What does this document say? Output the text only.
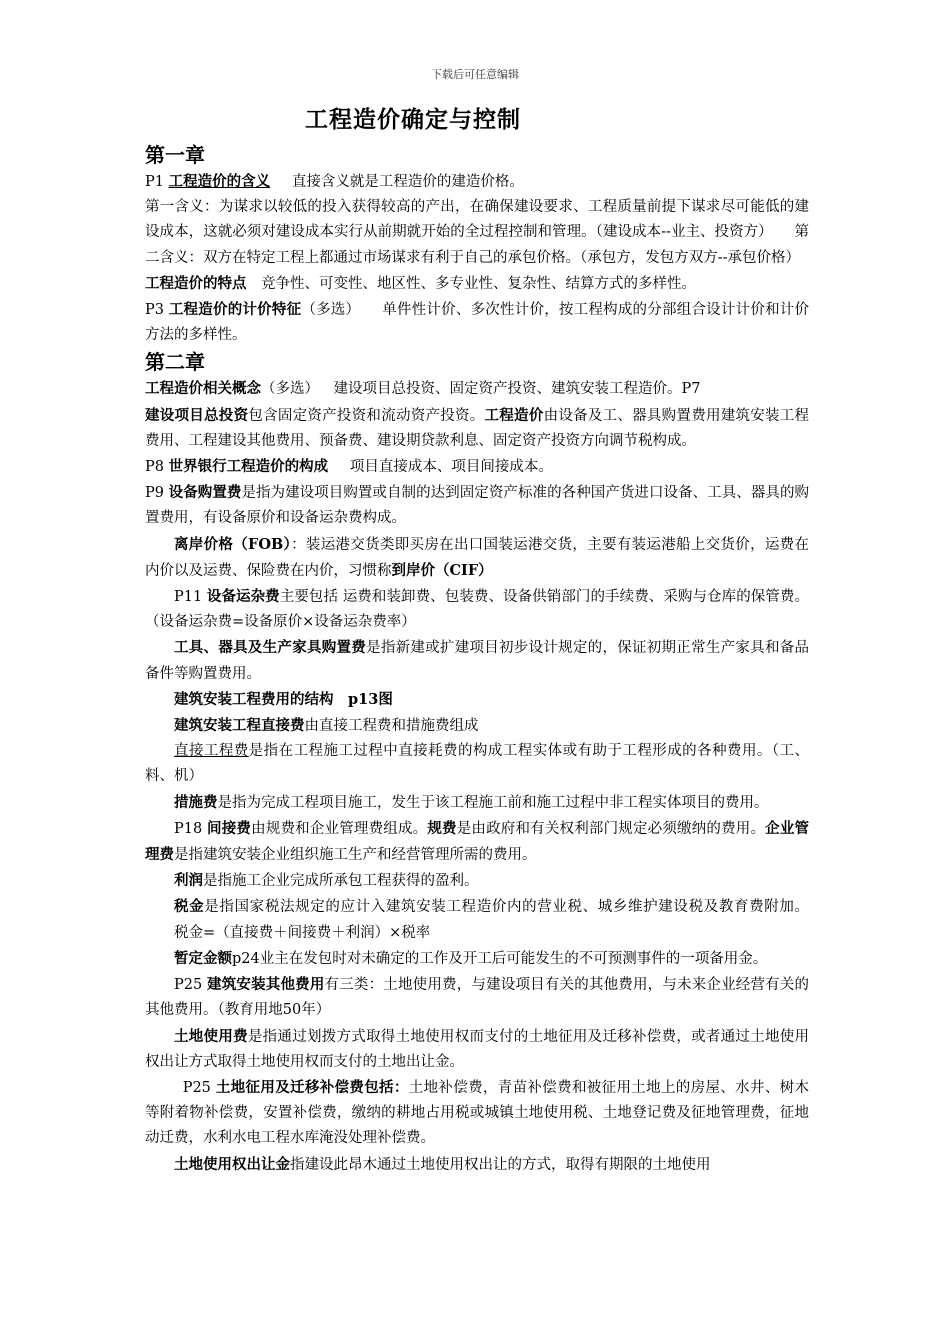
下载后可任意编辑
工程造价确定与控制
第一章

P1 工程造价的含义 直接含义就是工程造价的建造价格。

第一含义：为谋求以较低的投入获得较高的产出，在确保建设要求、工程质量前提下谋求尽可能低的建设成本，这就必须对建设成本实行从前期就开始的全过程控制和管理。（建设成本--业主、投资方） 第二含义：双方在特定工程上都通过市场谋求有利于自己的承包价格。（承包方，发包方双方--承包价格）

工程造价的特点 竞争性、可变性、地区性、多专业性、复杂性、结算方式的多样性。

P3 工程造价的计价特征（多选） 单件性计价、多次性计价，按工程构成的分部组合设计计价和计价方法的多样性。

第二章

工程造价相关概念（多选） 建设项目总投资、固定资产投资、建筑安装工程造价。P7

建设项目总投资包含固定资产投资和流动资产投资。工程造价由设备及工、器具购置费用建筑安装工程费用、工程建设其他费用、预备费、建设期贷款利息、固定资产投资方向调节税构成。

P8 世界银行工程造价的构成 项目直接成本、项目间接成本。

P9 设备购置费是指为建设项目购置或自制的达到固定资产标准的各种国产货进口设备、工具、器具的购置费用，有设备原价和设备运杂费构成。

离岸价格（FOB）：装运港交货类即买房在出口国装运港交货，主要有装运港船上交货价，运费在内价以及运费、保险费在内价，习惯称到岸价（CIF）

P11 设备运杂费主要包括 运费和装卸费、包装费、设备供销部门的手续费、采购与仓库的保管费。（设备运杂费=设备原价×设备运杂费率）

工具、器具及生产家具购置费是指新建或扩建项目初步设计规定的，保证初期正常生产家具和备品备件等购置费用。

建筑安装工程费用的结构　p13图

建筑安装工程直接费由直接工程费和措施费组成

直接工程费是指在工程施工过程中直接耗费的构成工程实体或有助于工程形成的各种费用。（工、料、机）

措施费是指为完成工程项目施工，发生于该工程施工前和施工过程中非工程实体项目的费用。

P18 间接费由规费和企业管理费组成。规费是由政府和有关权利部门规定必须缴纳的费用。企业管理费是指建筑安装企业组织施工生产和经营管理所需的费用。

利润是指施工企业完成所承包工程获得的盈利。

税金是指国家税法规定的应计入建筑安装工程造价内的营业税、城乡维护建设税及教育费附加。税金=（直接费＋间接费＋利润）×税率

暂定金额p24业主在发包时对未确定的工作及开工后可能发生的不可预测事件的一项备用金。

P25 建筑安装其他费用有三类：土地使用费，与建设项目有关的其他费用，与未来企业经营有关的其他费用。（教育用地50年）

土地使用费是指通过划拨方式取得土地使用权而支付的土地征用及迁移补偿费，或者通过土地使用权出让方式取得土地使用权而支付的土地出让金。

P25 土地征用及迁移补偿费包括：土地补偿费，青苗补偿费和被征用土地上的房屋、水井、树木等附着物补偿费，安置补偿费，缴纳的耕地占用税或城镇土地使用税、土地登记费及征地管理费，征地动迁费，水利水电工程水库淹没处理补偿费。

土地使用权出让金指建设此昂木通过土地使用权出让的方式，取得有期限的土地使用
